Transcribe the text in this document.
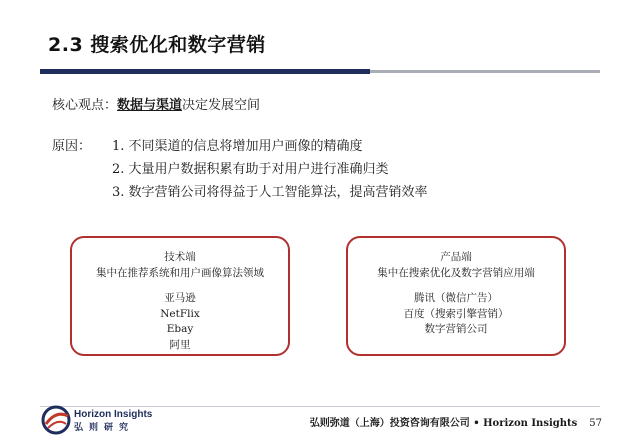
2.3 搜索优化和数字营销
核心观点：数据与渠道决定发展空间
原因： 1. 不同渠道的信息将增加用户画像的精确度
2. 大量用户数据积累有助于对用户进行准确归类
3. 数字营销公司将得益于人工智能算法，提高营销效率
技术端
集中在推荐系统和用户画像算法领域
亚马逊
NetFlix
Ebay
阿里
产品端
集中在搜索优化及数字营销应用端
腾讯（微信广告）
百度（搜索引擎营销）
数字营销公司
Horizon Insights
弘则研究	弘则弥道（上海）投资咨询有限公司 • Horizon Insights 57
